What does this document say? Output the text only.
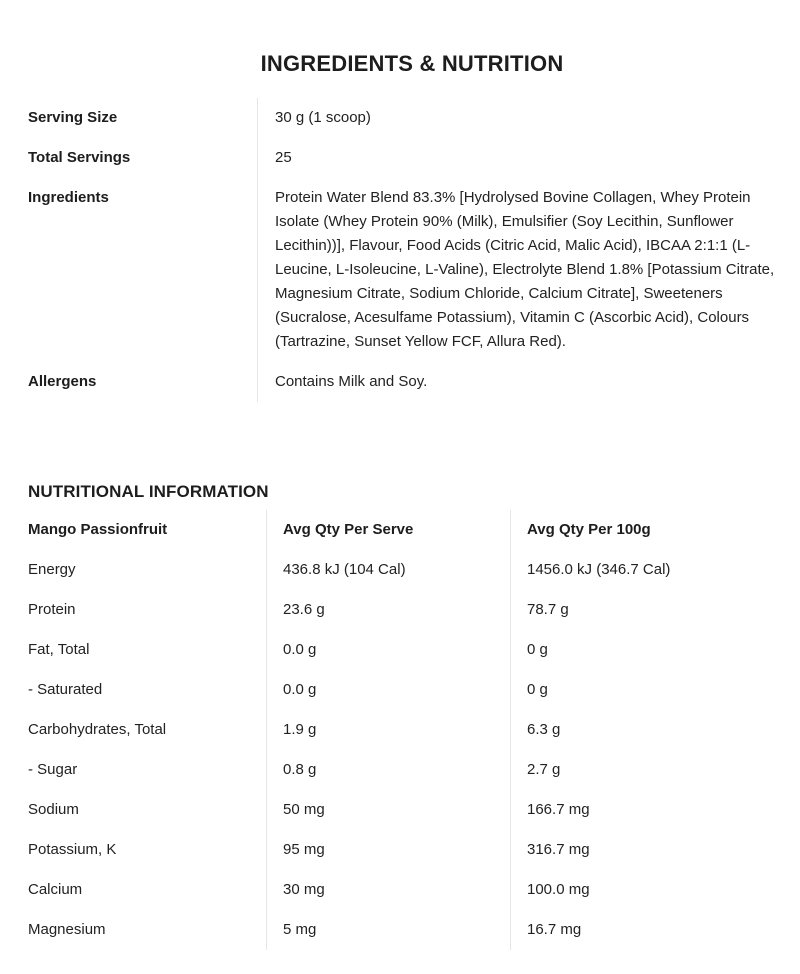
INGREDIENTS & NUTRITION
Serving Size	30 g (1 scoop)
Total Servings	25
Ingredients	Protein Water Blend 83.3% [Hydrolysed Bovine Collagen, Whey Protein Isolate (Whey Protein 90% (Milk), Emulsifier (Soy Lecithin, Sunflower Lecithin))], Flavour, Food Acids (Citric Acid, Malic Acid), IBCAA 2:1:1 (L-Leucine, L-Isoleucine, L-Valine), Electrolyte Blend 1.8% [Potassium Citrate, Magnesium Citrate, Sodium Chloride, Calcium Citrate], Sweeteners (Sucralose, Acesulfame Potassium), Vitamin C (Ascorbic Acid), Colours (Tartrazine, Sunset Yellow FCF, Allura Red).
Allergens	Contains Milk and Soy.
NUTRITIONAL INFORMATION
Mango Passionfruit	Avg Qty Per Serve	Avg Qty Per 100g
Energy	436.8 kJ (104 Cal)	1456.0 kJ (346.7 Cal)
Protein	23.6 g	78.7 g
Fat, Total	0.0 g	0 g
- Saturated	0.0 g	0 g
Carbohydrates, Total	1.9 g	6.3 g
- Sugar	0.8 g	2.7 g
Sodium	50 mg	166.7 mg
Potassium, K	95 mg	316.7 mg
Calcium	30 mg	100.0 mg
Magnesium	5 mg	16.7 mg
